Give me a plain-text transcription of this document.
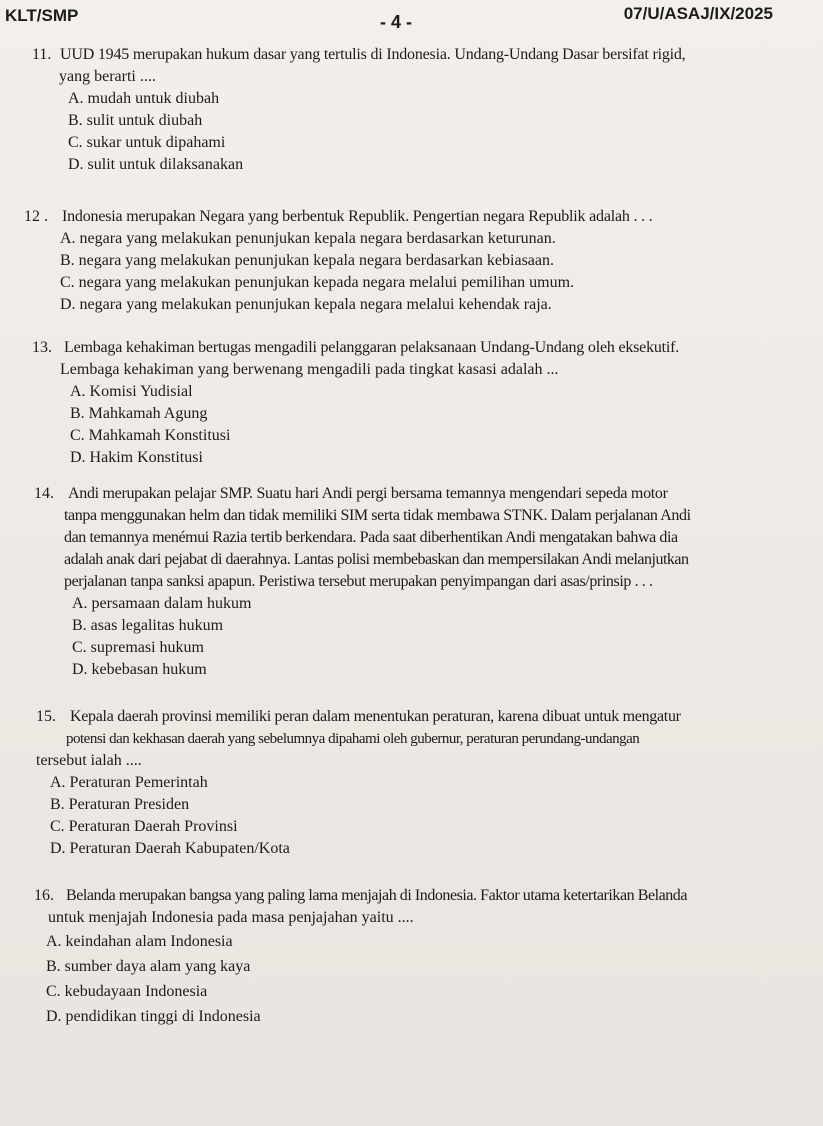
KLT/SMP	- 4 -	07/U/ASAJ/IX/2025

11. UUD 1945 merupakan hukum dasar yang tertulis di Indonesia. Undang-Undang Dasar bersifat rigid,

yang berarti ....

A. mudah untuk diubah

B. sulit untuk diubah

C. sukar untuk dipahami

D. sulit untuk dilaksanakan

12 . Indonesia merupakan Negara yang berbentuk Republik. Pengertian negara Republik adalah . . .

A. negara yang melakukan penunjukan kepala negara berdasarkan keturunan.

B. negara yang melakukan penunjukan kepala negara berdasarkan kebiasaan.

C. negara yang melakukan penunjukan kepada negara melalui pemilihan umum.

D. negara yang melakukan penunjukan kepala negara melalui kehendak raja.

13. Lembaga kehakiman bertugas mengadili pelanggaran pelaksanaan Undang-Undang oleh eksekutif.

Lembaga kehakiman yang berwenang mengadili pada tingkat kasasi adalah ...

A. Komisi Yudisial

B. Mahkamah Agung

C. Mahkamah Konstitusi

D. Hakim Konstitusi

14. Andi merupakan pelajar SMP. Suatu hari Andi pergi bersama temannya mengendari sepeda motor

tanpa menggunakan helm dan tidak memiliki SIM serta tidak membawa STNK. Dalam perjalanan Andi

dan temannya menémui Razia tertib berkendara. Pada saat diberhentikan Andi mengatakan bahwa dia

adalah anak dari pejabat di daerahnya. Lantas polisi membebaskan dan mempersilakan Andi melanjutkan

perjalanan tanpa sanksi apapun. Peristiwa tersebut merupakan penyimpangan dari asas/prinsip . . .

A. persamaan dalam hukum

B. asas legalitas hukum

C. supremasi hukum

D. kebebasan hukum

15. Kepala daerah provinsi memiliki peran dalam menentukan peraturan, karena dibuat untuk mengatur

potensi dan kekhasan daerah yang sebelumnya dipahami oleh gubernur, peraturan perundang-undangan

tersebut ialah ....

A. Peraturan Pemerintah

B. Peraturan Presiden

C. Peraturan Daerah Provinsi

D. Peraturan Daerah Kabupaten/Kota

16. Belanda merupakan bangsa yang paling lama menjajah di Indonesia. Faktor utama ketertarikan Belanda

untuk menjajah Indonesia pada masa penjajahan yaitu ....

A. keindahan alam Indonesia

B. sumber daya alam yang kaya

C. kebudayaan Indonesia

D. pendidikan tinggi di Indonesia
